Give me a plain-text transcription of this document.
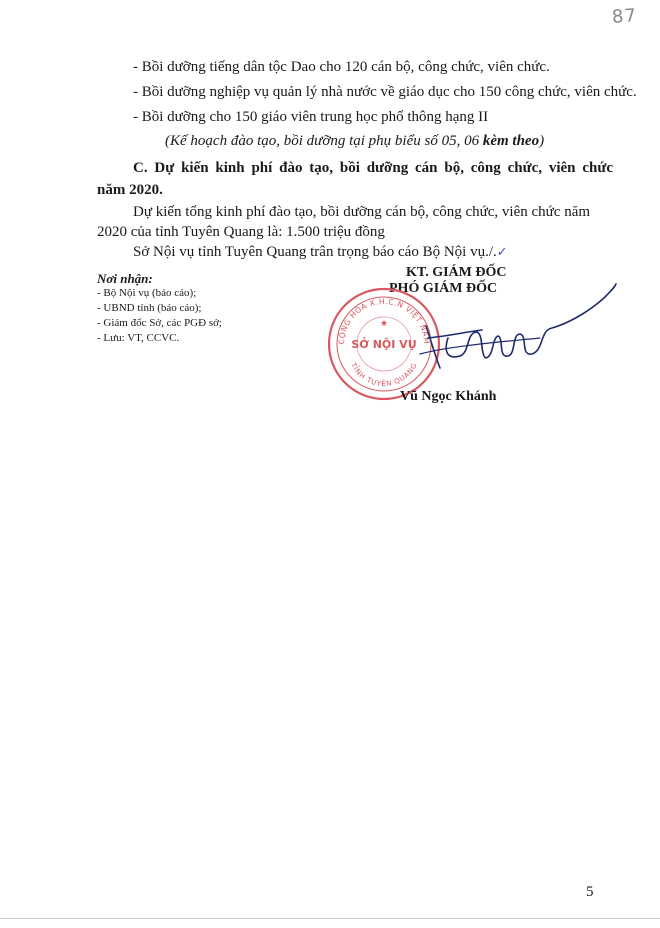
87
- Bồi dưỡng tiếng dân tộc Dao cho 120 cán bộ, công chức, viên chức.
- Bồi dưỡng nghiệp vụ quản lý nhà nước về giáo dục cho 150 công chức, viên chức.
- Bồi dưỡng cho 150 giáo viên trung học phổ thông hạng II
(Kế hoạch đào tạo, bồi dưỡng tại phụ biểu số 05, 06 kèm theo)
C. Dự kiến kinh phí đào tạo, bồi dưỡng cán bộ, công chức, viên chức
năm 2020.
Dự kiến tổng kinh phí đào tạo, bồi dưỡng cán bộ, công chức, viên chức năm
2020 của tỉnh Tuyên Quang là: 1.500 triệu đồng
Sở Nội vụ tỉnh Tuyên Quang trân trọng báo cáo Bộ Nội vụ./.✓
Nơi nhận:
- Bộ Nội vụ (báo cáo);
- UBND tỉnh (báo cáo);
- Giám đốc Sở, các PGĐ sở;
- Lưu: VT, CCVC.
KT. GIÁM ĐỐC
PHÓ GIÁM ĐỐC
CỘNG HÒA X.H.C.N VIỆT NAM
TỈNH TUYÊN QUANG
SỞ NỘI VỤ
★
Vũ Ngọc Khánh
5
